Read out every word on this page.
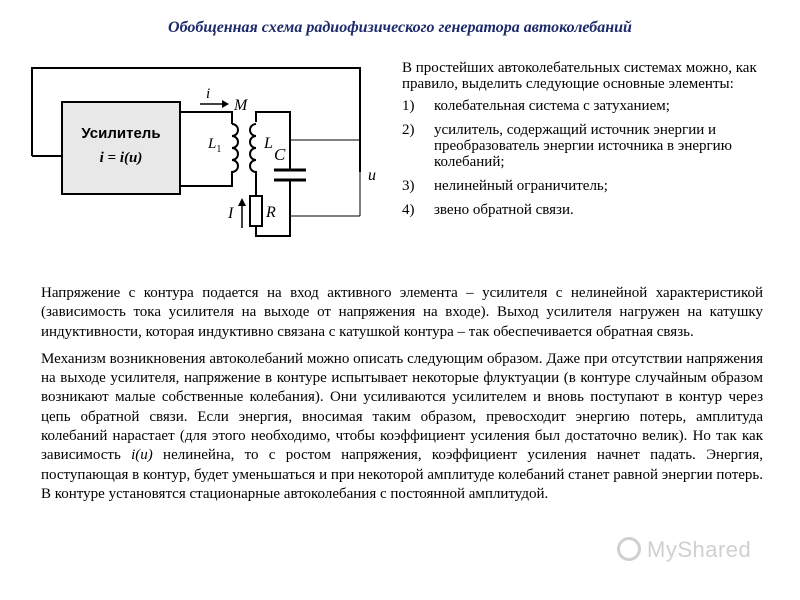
Обобщенная схема радиофизического генератора автоколебаний
Усилитель
i = i(u)
i
M
$L_1$	L
R
I
C
u

В простейших автоколебательных системах можно, как правило, выделить следующие основные элементы:

1) колебательная система с затуханием;
2) усилитель, содержащий источник энергии и преобразователь энергии источника в энергию колебаний;
3) нелинейный ограничитель;
4) звено обратной связи.

Напряжение с контура подается на вход активного элемента – усилителя с нелинейной характеристикой (зависимость тока усилителя на выходе от напряжения на входе). Выход усилителя нагружен на катушку индуктивности, которая индуктивно связана с катушкой контура – так обеспечивается обратная связь.

Механизм возникновения автоколебаний можно описать следующим образом. Даже при отсутствии напряжения на выходе усилителя, напряжение в контуре испытывает некоторые флуктуации (в контуре случайным образом возникают малые собственные колебания). Они усиливаются усилителем и вновь поступают в контур через цепь обратной связи. Если энергия, вносимая таким образом, превосходит энергию потерь, амплитуда колебаний нарастает (для этого необходимо, чтобы коэффициент усиления был достаточно велик). Но так как зависимость i(u) нелинейна, то с ростом напряжения, коэффициент усиления начнет падать. Энергия, поступающая в контур, будет уменьшаться и при некоторой амплитуде колебаний станет равной энергии потерь. В контуре установятся стационарные автоколебания с постоянной амплитудой.

MyShared
